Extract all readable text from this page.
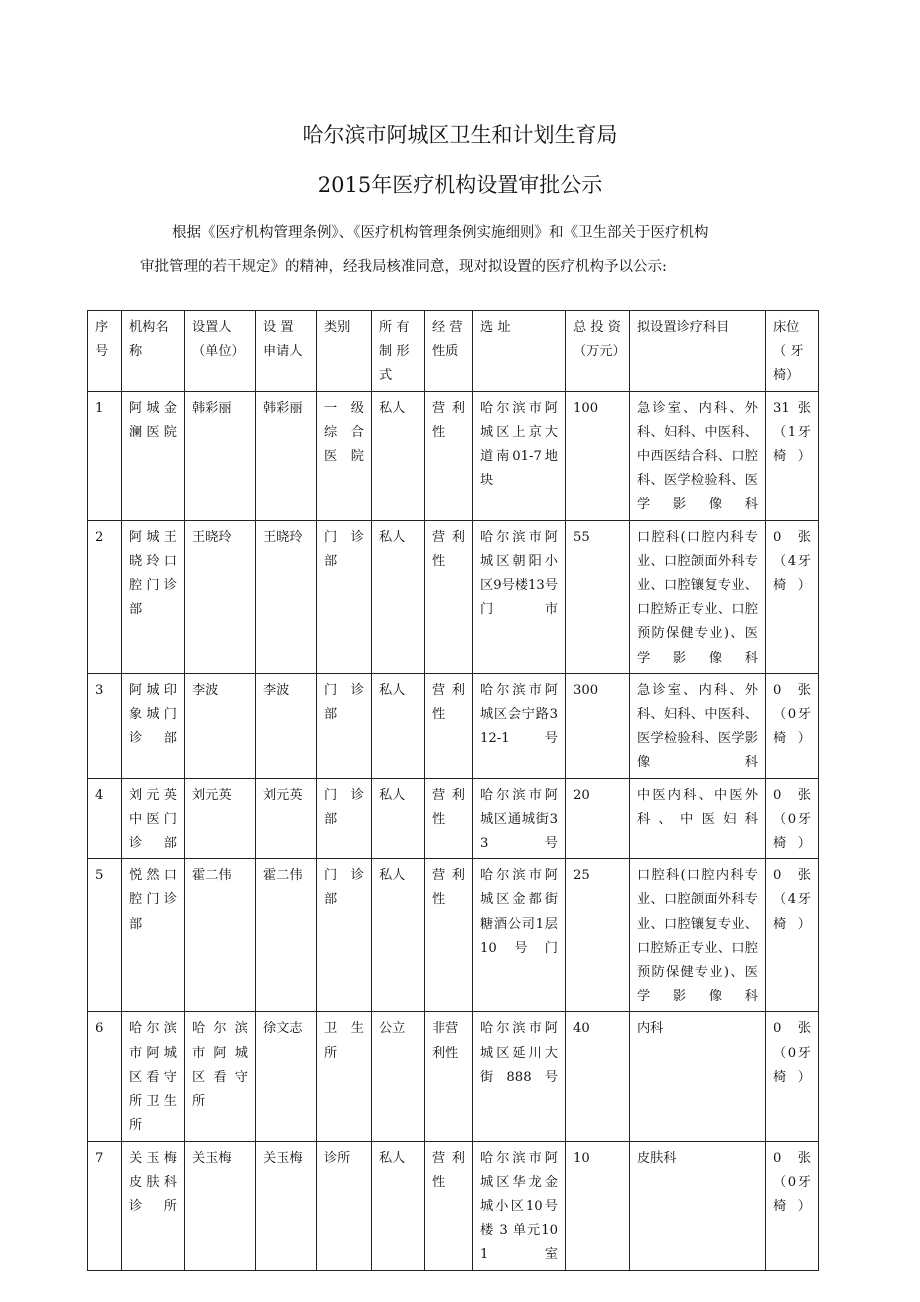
哈尔滨市阿城区卫生和计划生育局
2015年医疗机构设置审批公示

根据《医疗机构管理条例》、《医疗机构管理条例实施细则》和《卫生部关于医疗机构

审批管理的若干规定》的精神，经我局核准同意，现对拟设置的医疗机构予以公示:

序号	机构名称	设置人（单位）	设 置 申请人	类别	所 有 制 形 式	经 营 性质	选 址	总 投 资（万元）	拟设置诊疗科目	床位（ 牙椅）
1	阿城金澜医院	韩彩丽	韩彩丽	一 级 综 合 医院	私人	营 利 性	哈尔滨市阿城区上京大道南01-7地块	100	急诊室、内科、外科、妇科、中医科、中西医结合科、口腔科、医学检验科、医学影像科	31 张（1牙椅）
2	阿城王晓玲口腔门诊部	王晓玲	王晓玲	门 诊 部	私人	营 利 性	哈尔滨市阿城区朝阳小区9号楼13号门市	55	口腔科(口腔内科专业、口腔颌面外科专业、口腔镶复专业、口腔矫正专业、口腔预防保健专业)、医学影像科	0 张（4牙椅）
3	阿城印象城门诊部	李波	李波	门 诊 部	私人	营 利 性	哈尔滨市阿城区会宁路312-1号	300	急诊室、内科、外科、妇科、中医科、医学检验科、医学影像科	0 张（0牙椅）
4	刘元英中医门诊部	刘元英	刘元英	门 诊 部	私人	营 利 性	哈尔滨市阿城区通城街33号	20	中医内科、中医外科、中医妇科	0 张（0牙椅）
5	悦然口腔门诊部	霍二伟	霍二伟	门 诊 部	私人	营 利 性	哈尔滨市阿城区金都街糖酒公司1层10号门	25	口腔科(口腔内科专业、口腔颌面外科专业、口腔镶复专业、口腔矫正专业、口腔预防保健专业)、医学影像科	0 张（4牙椅）
6	哈尔滨市阿城区看守所卫生所	哈 尔 滨 市 阿 城 区 看 守 所	徐文志	卫 生 所	公立	非营利性	哈尔滨市阿城区延川大街888号	40	内科	0 张（0牙椅）
7	关玉梅皮肤科诊所	关玉梅	关玉梅	诊所	私人	营 利 性	哈尔滨市阿城区华龙金城小区10号楼 3 单元101室	10	皮肤科	0 张（0牙椅）
